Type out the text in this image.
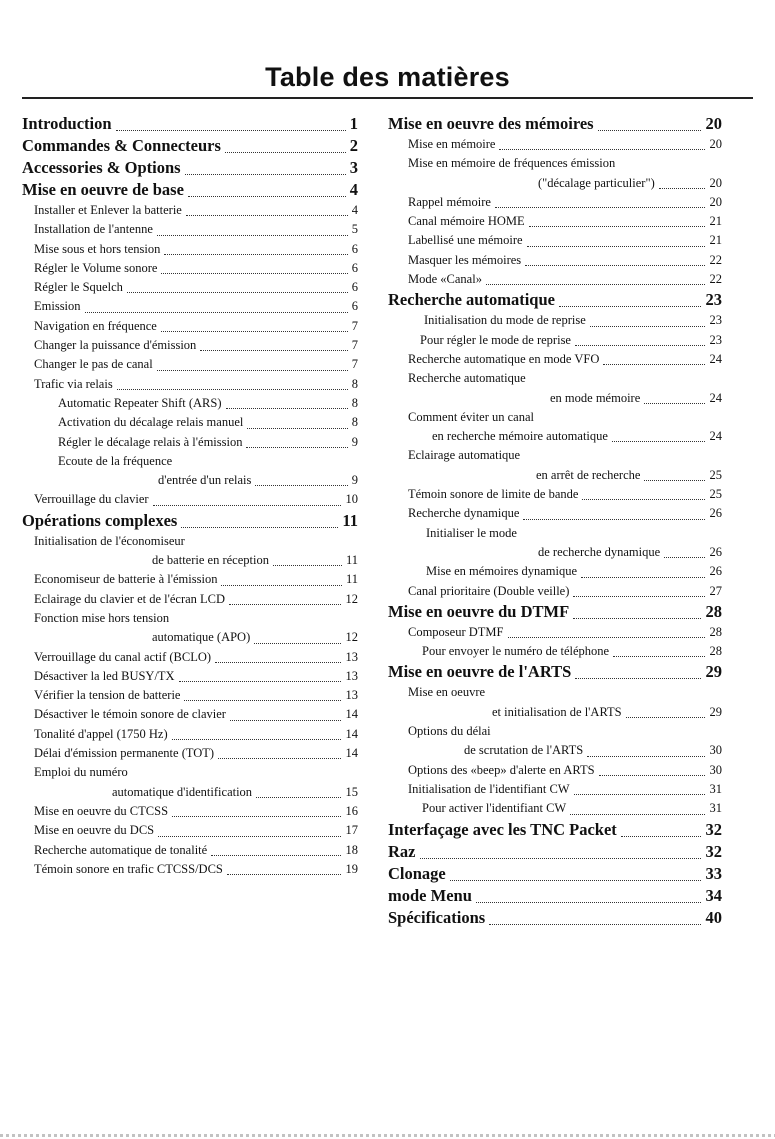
Table des matières
Introduction	1
Commandes & Connecteurs	2
Accessories & Options	3
Mise en oeuvre de base	4
Installer et Enlever la batterie	4
Installation de l'antenne	5
Mise sous et hors tension	6
Régler le Volume sonore	6
Régler le Squelch	6
Emission	6
Navigation en fréquence	7
Changer la puissance d'émission	7
Changer le pas de canal	7
Trafic via relais	8
Automatic Repeater Shift (ARS)	8
Activation du décalage relais manuel	8
Régler le décalage relais à l'émission	9
Ecoute de la fréquence
d'entrée d'un relais	9
Verrouillage du clavier	10
Opérations complexes	11
Initialisation de l'économiseur
de batterie en réception	11
Economiseur de batterie à l'émission	11
Eclairage du clavier et de l'écran LCD	12
Fonction mise hors tension
automatique (APO)	12
Verrouillage du canal actif (BCLO)	13
Désactiver la led BUSY/TX	13
Vérifier la tension de batterie	13
Désactiver le témoin sonore de clavier	14
Tonalité d'appel (1750 Hz)	14
Délai d'émission permanente (TOT)	14
Emploi du numéro
automatique d'identification	15
Mise en oeuvre du CTCSS	16
Mise en oeuvre du DCS	17
Recherche automatique de tonalité	18
Témoin sonore en trafic CTCSS/DCS	19
Mise en oeuvre des mémoires	20
Mise en mémoire	20
Mise en mémoire de fréquences émission
("décalage particulier")	20
Rappel mémoire	20
Canal mémoire HOME	21
Labellisé une mémoire	21
Masquer les mémoires	22
Mode «Canal»	22
Recherche automatique	23
Initialisation du mode de reprise	23
Pour régler le mode de reprise	23
Recherche automatique en mode VFO	24
Recherche automatique
en mode mémoire	24
Comment éviter un canal
en recherche mémoire automatique	24
Eclairage automatique
en arrêt de recherche	25
Témoin sonore de limite de bande	25
Recherche dynamique	26
Initialiser le mode
de recherche dynamique	26
Mise en mémoires dynamique	26
Canal prioritaire (Double veille)	27
Mise en oeuvre du DTMF	28
Composeur DTMF	28
Pour envoyer le numéro de téléphone	28
Mise en oeuvre de l'ARTS	29
Mise en oeuvre
et initialisation de l'ARTS	29
Options du délai
de scrutation de l'ARTS	30
Options des «beep» d'alerte en ARTS	30
Initialisation de l'identifiant CW	31
Pour activer l'identifiant CW	31
Interfaçage avec les TNC Packet	32
Raz	32
Clonage	33
mode Menu	34
Spécifications	40
